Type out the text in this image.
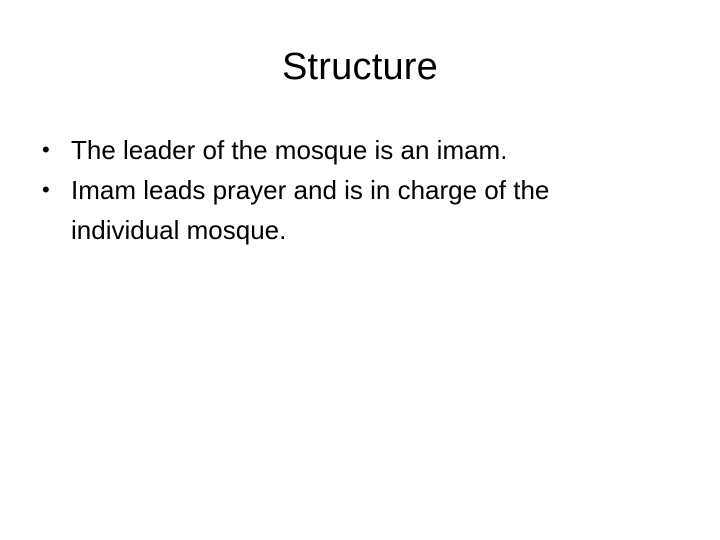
Structure
• The leader of the mosque is an imam.
• Imam leads prayer and is in charge of the individual mosque.
